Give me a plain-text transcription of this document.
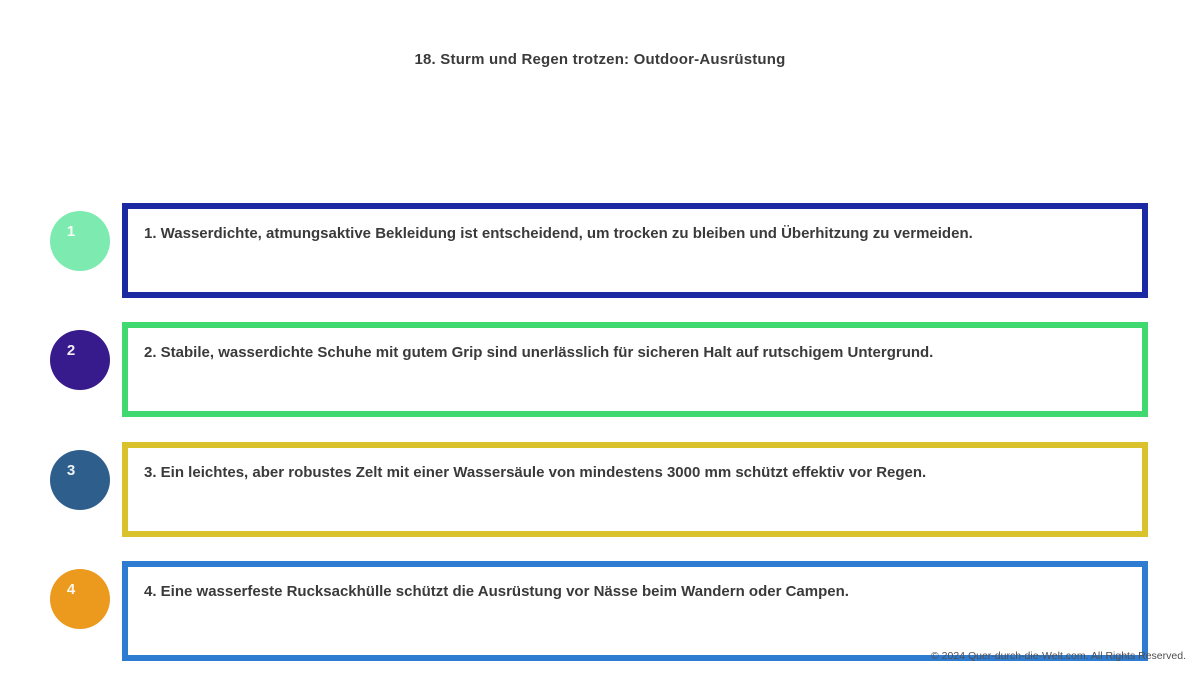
18. Sturm und Regen trotzen: Outdoor-Ausrüstung
1	1. Wasserdichte, atmungsaktive Bekleidung ist entscheidend, um trocken zu bleiben und Überhitzung zu vermeiden.
2	2. Stabile, wasserdichte Schuhe mit gutem Grip sind unerlässlich für sicheren Halt auf rutschigem Untergrund.
3	3. Ein leichtes, aber robustes Zelt mit einer Wassersäule von mindestens 3000 mm schützt effektiv vor Regen.
4	4. Eine wasserfeste Rucksackhülle schützt die Ausrüstung vor Nässe beim Wandern oder Campen.
© 2024 Quer-durch-die-Welt.com. All Rights Reserved.
